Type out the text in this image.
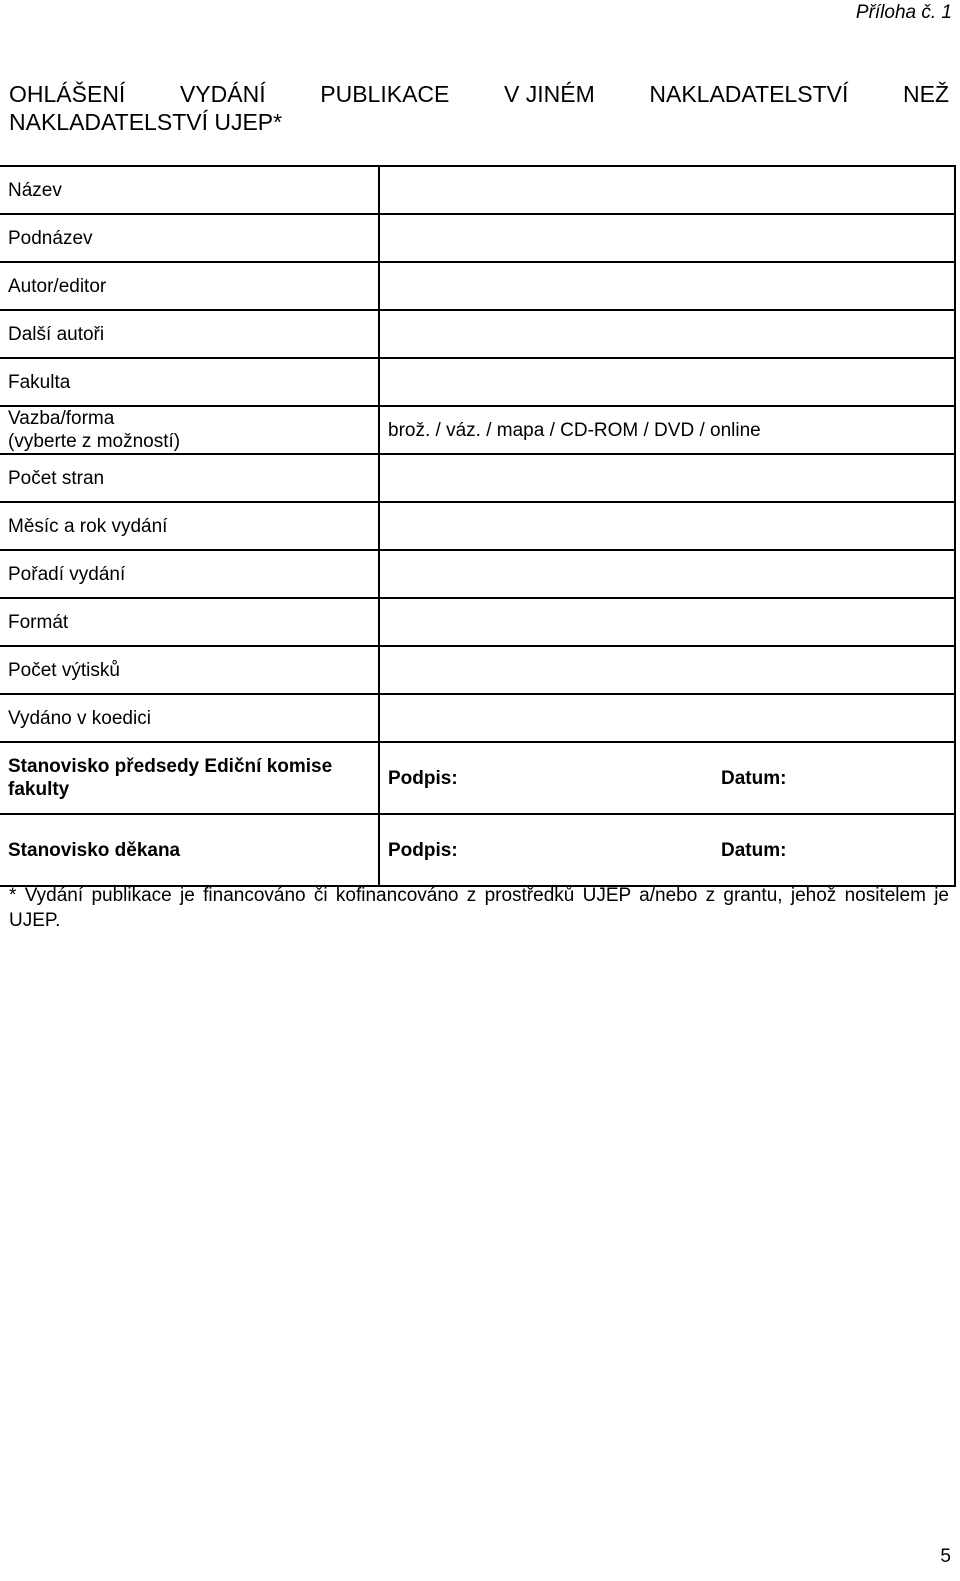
Příloha č. 1
OHLÁŠENÍ VYDÁNÍ PUBLIKACE V JINÉM NAKLADATELSTVÍ NEŽ
NAKLADATELSTVÍ UJEP*
Název	
Podnázev	
Autor/editor	
Další autoři	
Fakulta	

Vazba/forma
(vyberte z možností)	brož. / váz. / mapa / CD-ROM / DVD / online
Počet stran	
Měsíc a rok vydání	
Pořadí vydání	
Formát	
Počet výtisků	
Vydáno v koedici	
Stanovisko předsedy Ediční komise fakulty	Podpis: Datum:

Stanovisko děkana	Podpis: Datum:
* Vydání publikace je financováno či kofinancováno z prostředků UJEP a/nebo z grantu, jehož nositelem je UJEP.
5
